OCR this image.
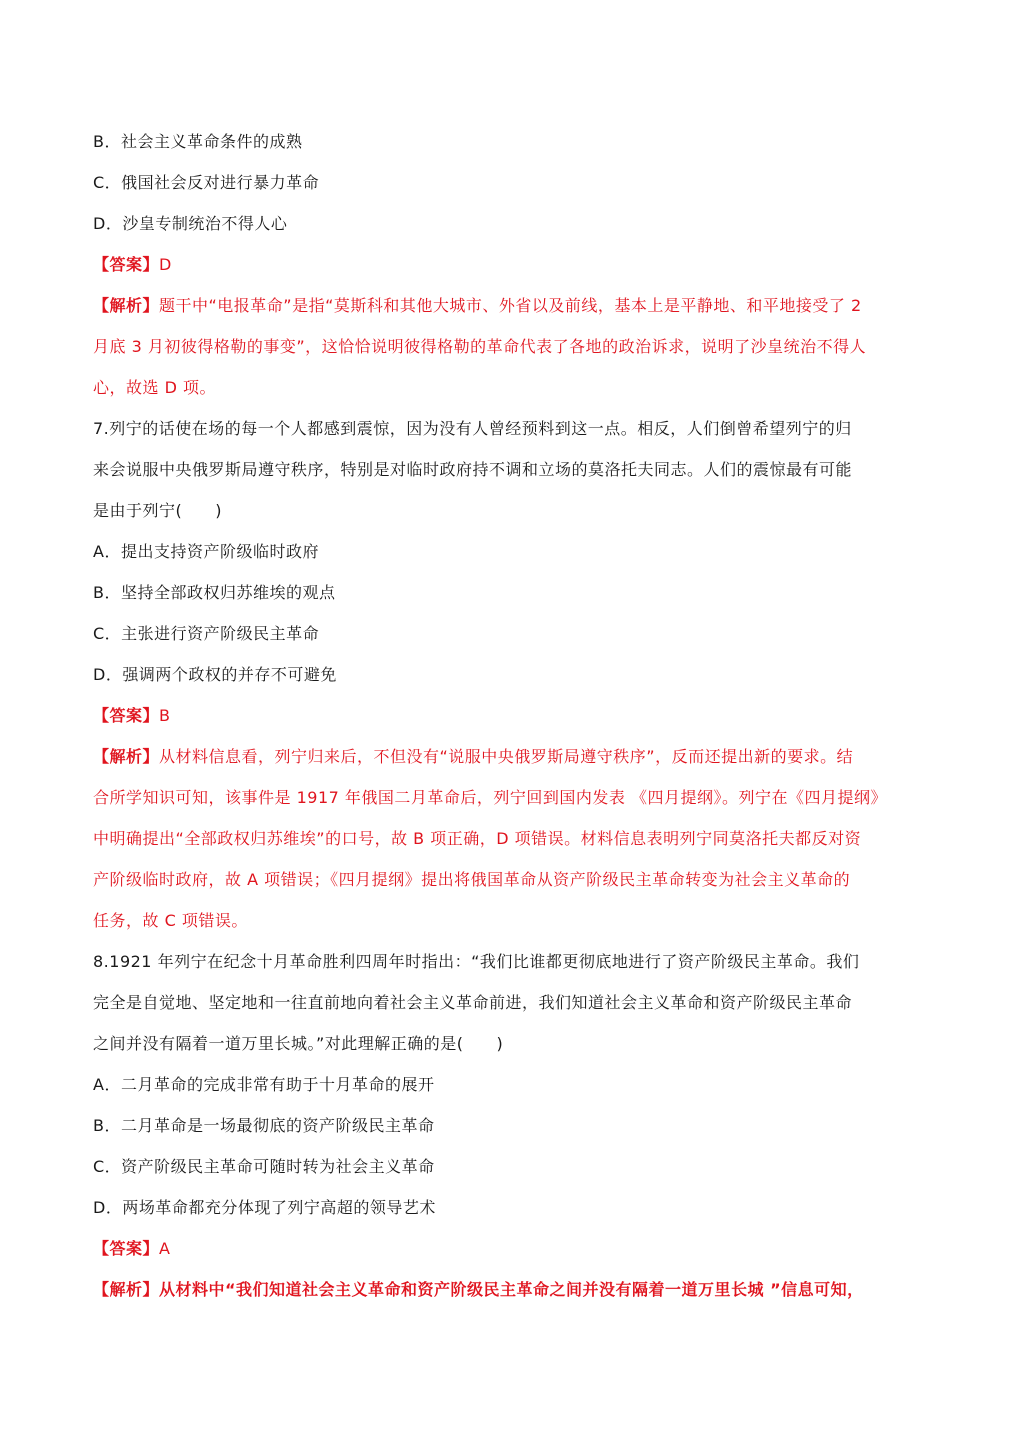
B．社会主义革命条件的成熟
C．俄国社会反对进行暴力革命
D．沙皇专制统治不得人心
【答案】D
【解析】题干中“电报革命”是指“莫斯科和其他大城市、外省以及前线，基本上是平静地、和平地接受了 2
月底 3 月初彼得格勒的事变”，这恰恰说明彼得格勒的革命代表了各地的政治诉求，说明了沙皇统治不得人
心，故选 D 项。
7.列宁的话使在场的每一个人都感到震惊，因为没有人曾经预料到这一点。相反，人们倒曾希望列宁的归
来会说服中央俄罗斯局遵守秩序，特别是对临时政府持不调和立场的莫洛托夫同志。人们的震惊最有可能
是由于列宁(　　)
A．提出支持资产阶级临时政府
B．坚持全部政权归苏维埃的观点
C．主张进行资产阶级民主革命
D．强调两个政权的并存不可避免
【答案】B
【解析】从材料信息看，列宁归来后，不但没有“说服中央俄罗斯局遵守秩序”，反而还提出新的要求。结
合所学知识可知，该事件是 1917 年俄国二月革命后，列宁回到国内发表 《四月提纲》。列宁在《四月提纲》
中明确提出“全部政权归苏维埃”的口号，故 B 项正确，D 项错误。材料信息表明列宁同莫洛托夫都反对资
产阶级临时政府，故 A 项错误；《四月提纲》提出将俄国革命从资产阶级民主革命转变为社会主义革命的
任务，故 C 项错误。
8.1921 年列宁在纪念十月革命胜利四周年时指出：“我们比谁都更彻底地进行了资产阶级民主革命。我们
完全是自觉地、坚定地和一往直前地向着社会主义革命前进，我们知道社会主义革命和资产阶级民主革命
之间并没有隔着一道万里长城。”对此理解正确的是(　　)
A．二月革命的完成非常有助于十月革命的展开
B．二月革命是一场最彻底的资产阶级民主革命
C．资产阶级民主革命可随时转为社会主义革命
D．两场革命都充分体现了列宁高超的领导艺术
【答案】A
【解析】从材料中“我们知道社会主义革命和资产阶级民主革命之间并没有隔着一道万里长城 ”信息可知，
